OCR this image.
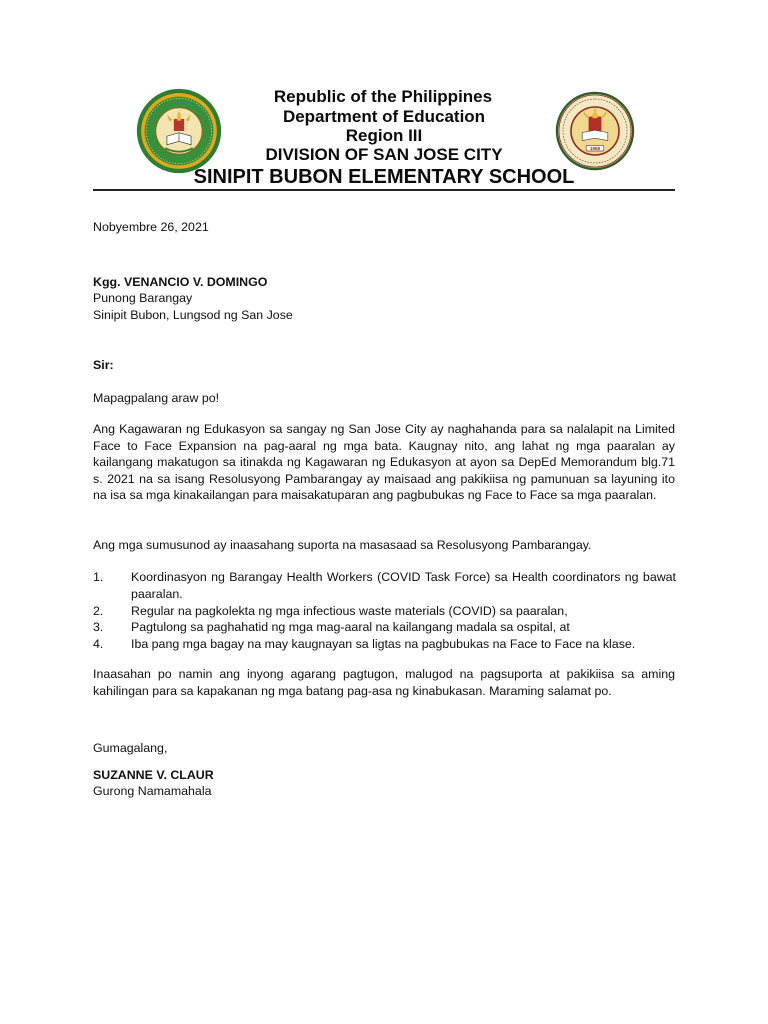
1968
Republic of the Philippines
Department of Education
Region III
DIVISION OF SAN JOSE CITY
SINIPIT BUBON ELEMENTARY SCHOOL
Nobyembre 26, 2021
Kgg. VENANCIO V. DOMINGO
Punong Barangay
Sinipit Bubon, Lungsod ng San Jose
Sir:
Mapagpalang araw po!
Ang Kagawaran ng Edukasyon sa sangay ng San Jose City ay naghahanda para sa nalalapit na Limited Face to Face Expansion na pag-aaral ng mga bata. Kaugnay nito, ang lahat ng mga paaralan ay kailangang makatugon sa itinakda ng Kagawaran ng Edukasyon at ayon sa DepEd Memorandum blg.71 s. 2021 na sa isang Resolusyong Pambarangay ay maisaad ang pakikiisa ng pamunuan sa layuning ito na isa sa mga kinakailangan para maisakatuparan ang pagbubukas ng Face to Face sa mga paaralan.
Ang mga sumusunod ay inaasahang suporta na masasaad sa Resolusyong Pambarangay.
1.	Koordinasyon ng Barangay Health Workers (COVID Task Force) sa Health coordinators ng bawat paaralan.
2.	Regular na pagkolekta ng mga infectious waste materials (COVID) sa paaralan,
3.	Pagtulong sa paghahatid ng mga mag-aaral na kailangang madala sa ospital, at
4.	Iba pang mga bagay na may kaugnayan sa ligtas na pagbubukas na Face to Face na klase.
Inaasahan po namin ang inyong agarang pagtugon, malugod na pagsuporta at pakikiisa sa aming kahilingan para sa kapakanan ng mga batang pag-asa ng kinabukasan. Maraming salamat po.
Gumagalang,
SUZANNE V. CLAUR
Gurong Namamahala
